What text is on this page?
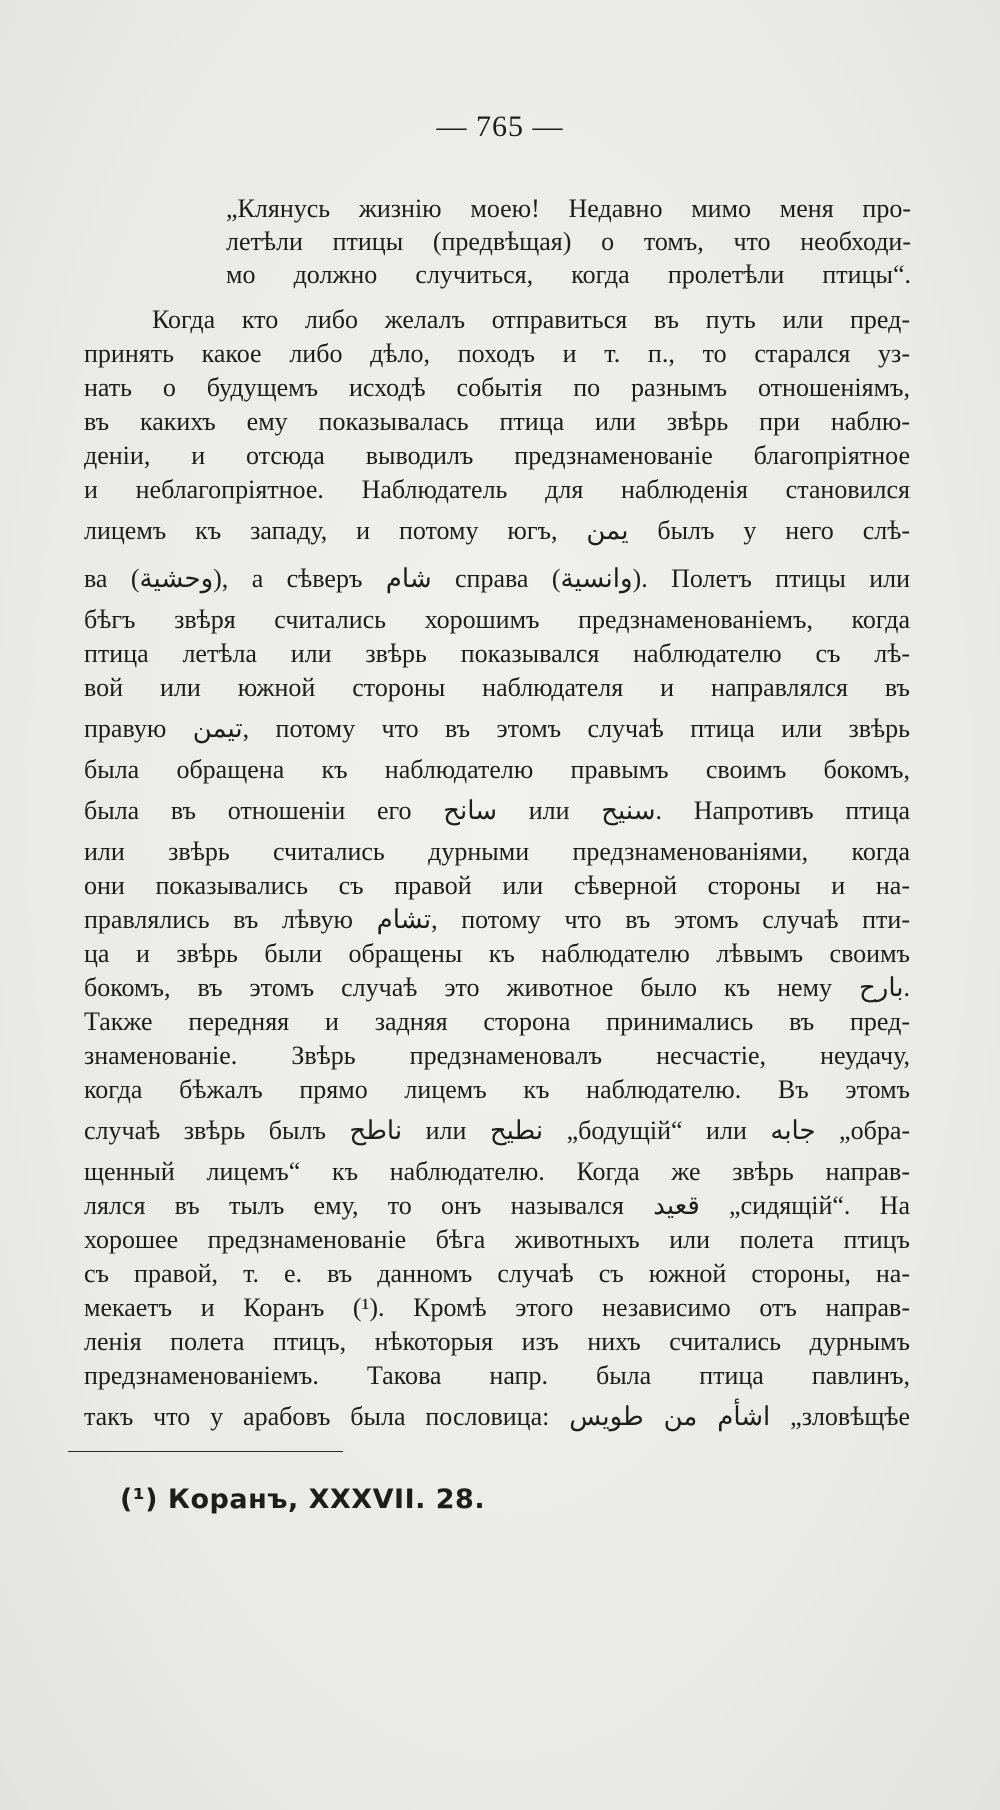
— 765 —
„Клянусь жизнію моею! Недавно мимо меня про-
летѣли птицы (предвѣщая) о томъ, что необходи-
мо должно случиться, когда пролетѣли птицы“.
Когда кто либо желалъ отправиться въ путь или пред-
принять какое либо дѣло, походъ и т. п., то старался уз-
нать о будущемъ исходѣ событія по разнымъ отношеніямъ,
въ какихъ ему показывалась птица или звѣрь при наблю-
деніи, и отсюда выводилъ предзнаменованіе благопріятное
и неблагопріятное. Наблюдатель для наблюденія становился
лицемъ къ западу, и потому югъ, يمن былъ у него слѣ-
ва (وحشية), а сѣверъ شام справа (وانسية). Полетъ птицы или
бѣгъ звѣря считались хорошимъ предзнаменованіемъ, когда
птица летѣла или звѣрь показывался наблюдателю съ лѣ-
вой или южной стороны наблюдателя и направлялся въ
правую تيمن, потому что въ этомъ случаѣ птица или звѣрь
была обращена къ наблюдателю правымъ своимъ бокомъ,
была въ отношеніи его سانح или سنيح. Напротивъ птица
или звѣрь считались дурными предзнаменованіями, когда
они показывались съ правой или сѣверной стороны и на-
правлялись въ лѣвую تشام, потому что въ этомъ случаѣ пти-
ца и звѣрь были обращены къ наблюдателю лѣвымъ своимъ
бокомъ, въ этомъ случаѣ это животное было къ нему بارح.
Также передняя и задняя сторона принимались въ пред-
знаменованіе. Звѣрь предзнаменовалъ несчастіе, неудачу,
когда бѣжалъ прямо лицемъ къ наблюдателю. Въ этомъ
случаѣ звѣрь былъ ناطح или نطيح „бодущій“ или جابه „обра-
щенный лицемъ“ къ наблюдателю. Когда же звѣрь направ-
лялся въ тылъ ему, то онъ назывался قعيد „сидящій“. На
хорошее предзнаменованіе бѣга животныхъ или полета птицъ
съ правой, т. е. въ данномъ случаѣ съ южной стороны, на-
мекаетъ и Коранъ (¹). Кромѣ этого независимо отъ направ-
ленія полета птицъ, нѣкоторыя изъ нихъ считались дурнымъ
предзнаменованіемъ. Такова напр. была птица павлинъ,
такъ что у арабовъ была пословица: اشأم من طويس „зловѣщѣе
(¹) Коранъ, XXXVII. 28.
